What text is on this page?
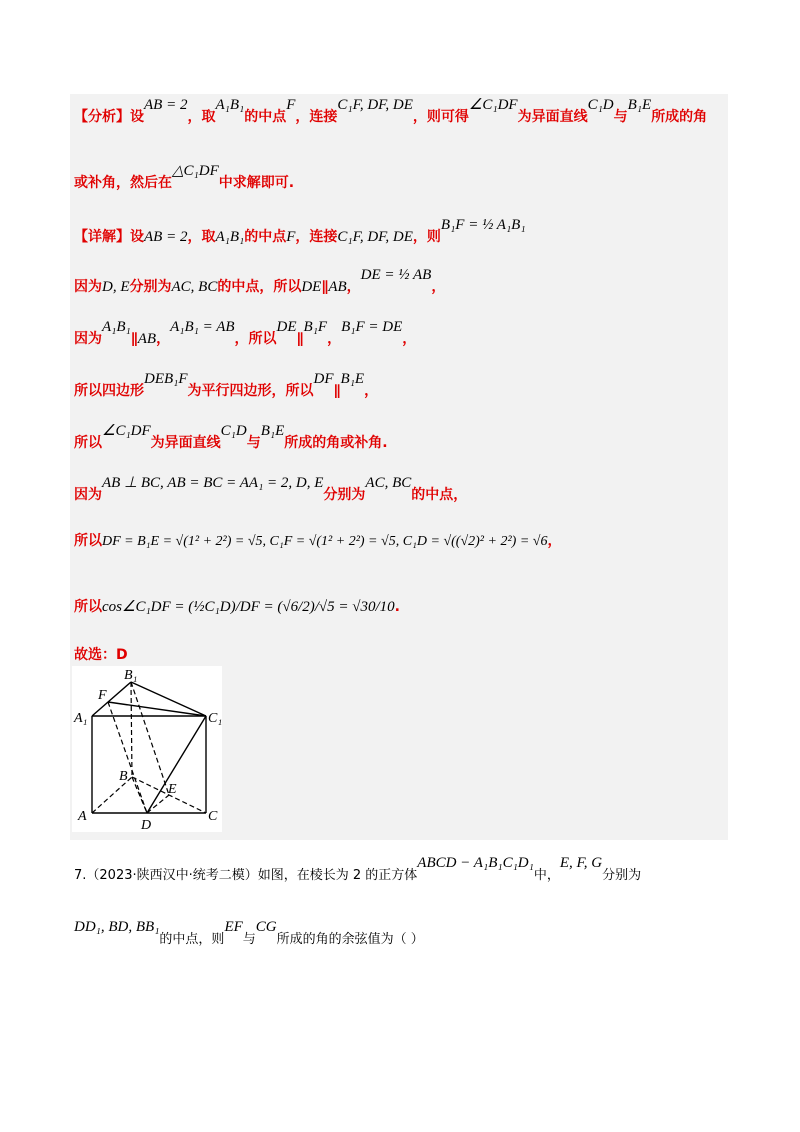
【分析】设AB = 2，取A₁B₁的中点F，连接C₁F, DF, DE，则可得∠C₁DF为异面直线C₁D与B₁E所成的角
或补角，然后在△C₁DF中求解即可.
【详解】设AB = 2，取A₁B₁的中点F，连接C₁F, DF, DE，则B₁F = ½ A₁B₁
因为D, E分别为AC, BC的中点，所以DE∥AB，DE = ½ AB，
因为A₁B₁∥AB，A₁B₁ = AB，所以DE∥B₁F，B₁F = DE，
所以四边形DEB₁F为平行四边形，所以DF∥B₁E，
所以∠C₁DF为异面直线C₁D与B₁E所成的角或补角.
因为AB ⊥ BC, AB = BC = AA₁ = 2, D, E分别为AC, BC的中点，
所以DF = B₁E = √(1² + 2²) = √5, C₁F = √(1² + 2²) = √5, C₁D = √((√2)² + 2²) = √6，
所以cos∠C₁DF = (½C₁D)/DF = (√6/2)/√5 = √30/10.
故选：D
B₁
F
A₁	C₁
B
E
A
D
C
7.（2023·陕西汉中·统考二模）如图，在棱长为 2 的正方体ABCD − A₁B₁C₁D₁中，E, F, G分别为
DD₁, BD, BB₁的中点，则EF与CG所成的角的余弦值为（ ）
